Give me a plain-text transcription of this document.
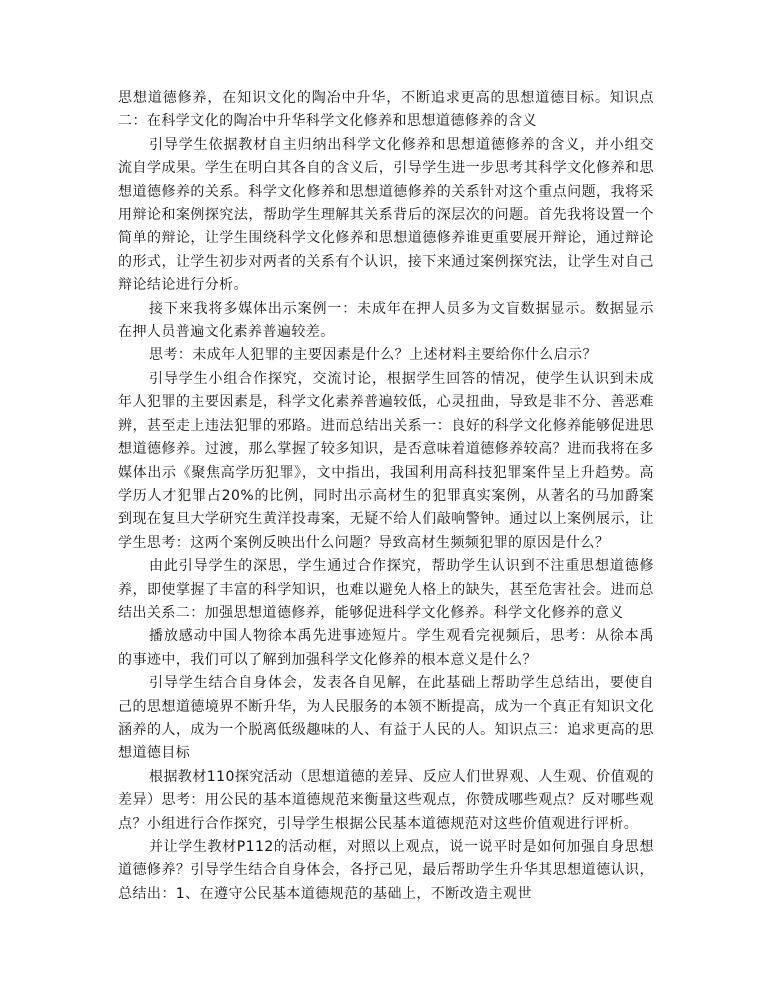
思想道德修养，在知识文化的陶冶中升华，不断追求更高的思想道德目标。知识点二：在科学文化的陶冶中升华科学文化修养和思想道德修养的含义

引导学生依据教材自主归纳出科学文化修养和思想道德修养的含义，并小组交流自学成果。学生在明白其各自的含义后，引导学生进一步思考其科学文化修养和思想道德修养的关系。科学文化修养和思想道德修养的关系针对这个重点问题，我将采用辩论和案例探究法，帮助学生理解其关系背后的深层次的问题。首先我将设置一个简单的辩论，让学生围绕科学文化修养和思想道德修养谁更重要展开辩论，通过辩论的形式，让学生初步对两者的关系有个认识，接下来通过案例探究法，让学生对自己辩论结论进行分析。

接下来我将多媒体出示案例一：未成年在押人员多为文盲数据显示。数据显示在押人员普遍文化素养普遍较差。

思考：未成年人犯罪的主要因素是什么？上述材料主要给你什么启示？

引导学生小组合作探究，交流讨论，根据学生回答的情况，使学生认识到未成年人犯罪的主要因素是，科学文化素养普遍较低，心灵扭曲，导致是非不分、善恶难辨，甚至走上违法犯罪的邪路。进而总结出关系一：良好的科学文化修养能够促进思想道德修养。过渡，那么掌握了较多知识，是否意味着道德修养较高？进而我将在多媒体出示《聚焦高学历犯罪》，文中指出，我国利用高科技犯罪案件呈上升趋势。高学历人才犯罪占20%的比例，同时出示高材生的犯罪真实案例，从著名的马加爵案到现在复旦大学研究生黄洋投毒案，无疑不给人们敲响警钟。通过以上案例展示，让学生思考：这两个案例反映出什么问题？导致高材生频频犯罪的原因是什么？

由此引导学生的深思，学生通过合作探究，帮助学生认识到不注重思想道德修养，即使掌握了丰富的科学知识，也难以避免人格上的缺失，甚至危害社会。进而总结出关系二：加强思想道德修养，能够促进科学文化修养。科学文化修养的意义

播放感动中国人物徐本禹先进事迹短片。学生观看完视频后，思考：从徐本禹的事迹中，我们可以了解到加强科学文化修养的根本意义是什么？

引导学生结合自身体会，发表各自见解，在此基础上帮助学生总结出，要使自己的思想道德境界不断升华，为人民服务的本领不断提高，成为一个真正有知识文化涵养的人，成为一个脱离低级趣味的人、有益于人民的人。知识点三：追求更高的思想道德目标

根据教材110探究活动（思想道德的差异、反应人们世界观、人生观、价值观的差异）思考：用公民的基本道德规范来衡量这些观点，你赞成哪些观点？反对哪些观点？小组进行合作探究，引导学生根据公民基本道德规范对这些价值观进行评析。

并让学生教材P112的活动框，对照以上观点，说一说平时是如何加强自身思想道德修养？引导学生结合自身体会，各抒己见，最后帮助学生升华其思想道德认识，总结出：1、在遵守公民基本道德规范的基础上，不断改造主观世
